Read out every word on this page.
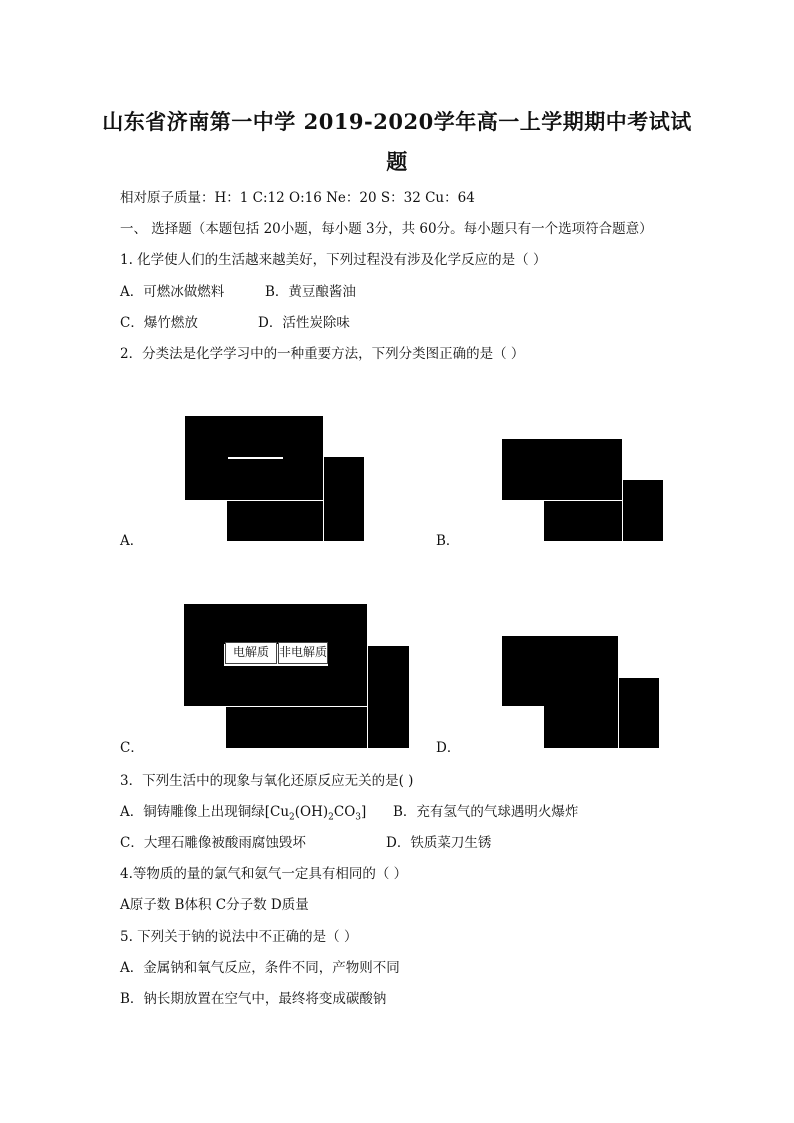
山东省济南第一中学 2019-2020学年高一上学期期中考试试
题
相对原子质量：H：1 C:12 O:16 Ne：20 S：32 Cu：64
一、 选择题（本题包括 20小题，每小题 3分，共 60分。每小题只有一个选项符合题意）
1. 化学使人们的生活越来越美好，下列过程没有涉及化学反应的是（ ）
A．可燃冰做燃料	B．黄豆酿酱油
C．爆竹燃放	D．活性炭除味
2．分类法是化学学习中的一种重要方法，下列分类图正确的是（ ）
A．	B．
电解质 非电解质
C．	D．
3．下列生活中的现象与氧化还原反应无关的是( )
A．铜铸雕像上出现铜绿$[Cu_2(OH)_2CO_3]$ B．充有氢气的气球遇明火爆炸
C．大理石雕像被酸雨腐蚀毁坏	D．铁质菜刀生锈
4.等物质的量的氯气和氨气一定具有相同的（ ）
A原子数 B体积 C分子数 D质量
5. 下列关于钠的说法中不正确的是（ ）
A．金属钠和氧气反应，条件不同，产物则不同
B．钠长期放置在空气中，最终将变成碳酸钠
